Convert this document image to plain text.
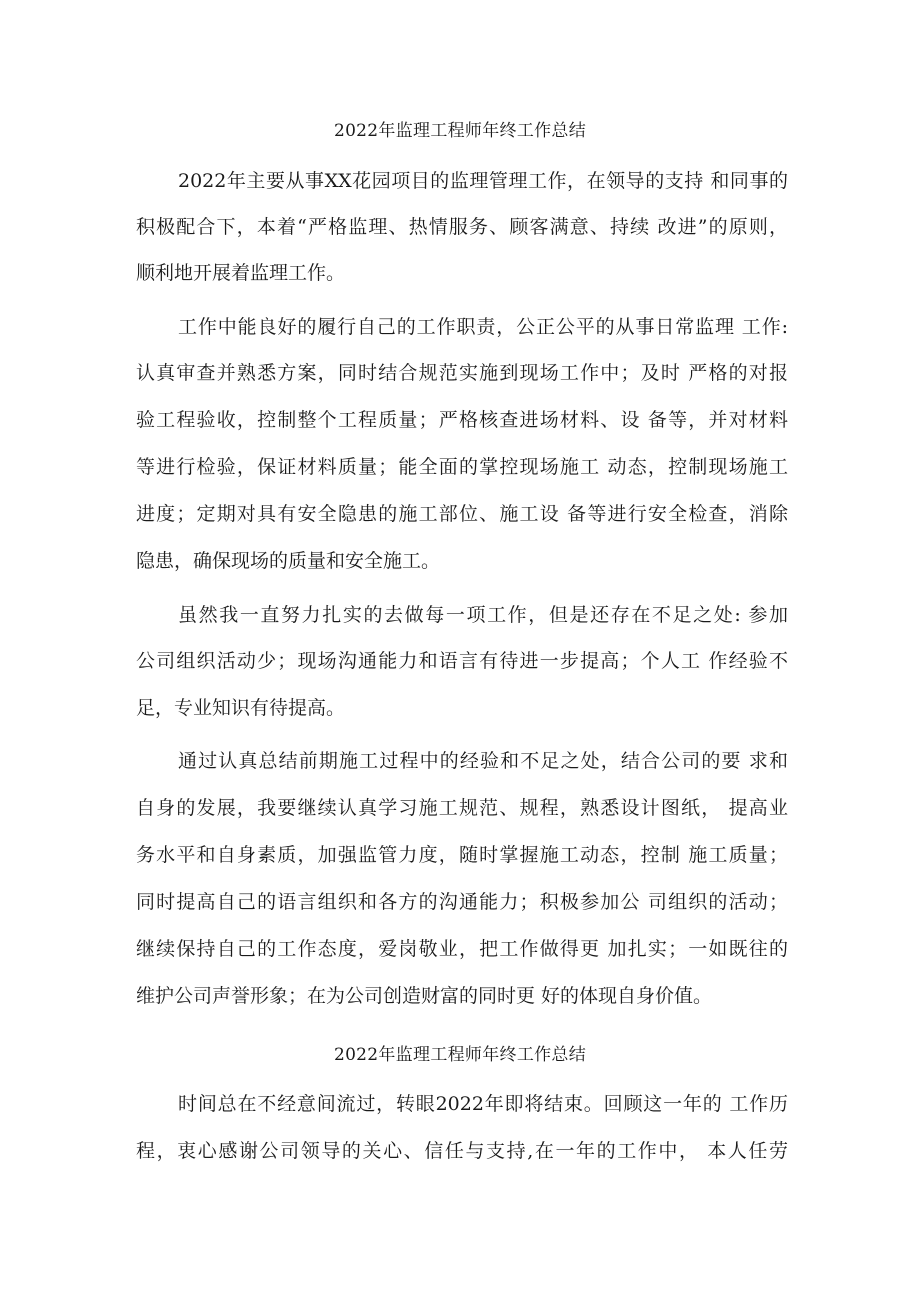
2022年监理工程师年终工作总结
2022年主要从事XX花园项目的监理管理工作，在领导的支持 和同事的
积极配合下，本着“严格监理、热情服务、顾客满意、持续 改进”的原则，
顺利地开展着监理工作。
工作中能良好的履行自己的工作职责，公正公平的从事日常监理 工作:
认真审查并熟悉方案，同时结合规范实施到现场工作中；及时 严格的对报
验工程验收，控制整个工程质量；严格核查进场材料、设 备等，并对材料
等进行检验，保证材料质量；能全面的掌控现场施工 动态，控制现场施工
进度；定期对具有安全隐患的施工部位、施工设 备等进行安全检查，消除
隐患，确保现场的质量和安全施工。
虽然我一直努力扎实的去做每一项工作，但是还存在不足之处: 参加
公司组织活动少；现场沟通能力和语言有待进一步提高；个人工 作经验不
足，专业知识有待提高。
通过认真总结前期施工过程中的经验和不足之处，结合公司的要 求和
自身的发展，我要继续认真学习施工规范、规程，熟悉设计图纸， 提高业
务水平和自身素质，加强监管力度，随时掌握施工动态，控制 施工质量；
同时提高自己的语言组织和各方的沟通能力；积极参加公 司组织的活动；
继续保持自己的工作态度，爱岗敬业，把工作做得更 加扎实；一如既往的
维护公司声誉形象；在为公司创造财富的同时更 好的体现自身价值。
2022年监理工程师年终工作总结
时间总在不经意间流过，转眼2022年即将结束。回顾这一年的 工作历
程，衷心感谢公司领导的关心、信任与支持,在一年的工作中， 本人任劳
